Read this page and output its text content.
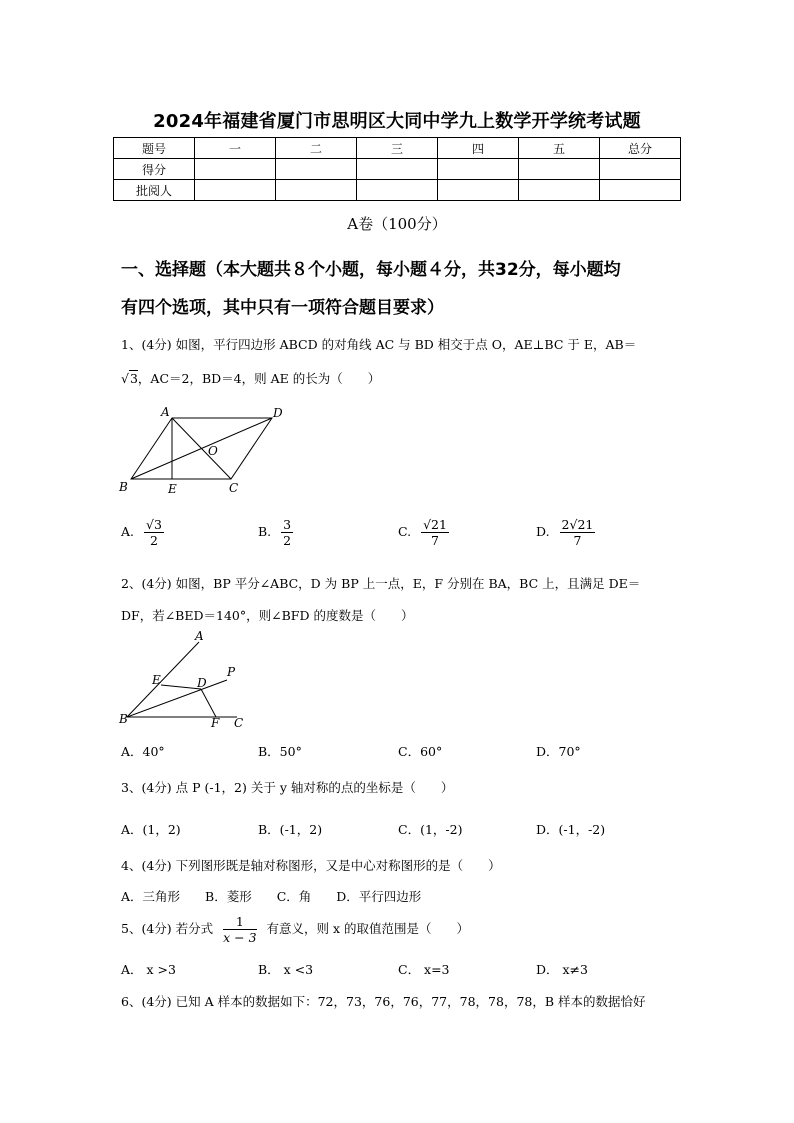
2024年福建省厦门市思明区大同中学九上数学开学统考试题
题号	一	二	三	四	五	总分
得分						
批阅人						
A卷（100分）
一、选择题（本大题共８个小题，每小题４分，共32分，每小题均
有四个选项，其中只有一项符合题目要求）
1、(4分) 如图，平行四边形 ABCD 的对角线 AC 与 BD 相交于点 O，AE⊥BC 于 E，AB＝
√3，AC＝2，BD＝4，则 AE 的长为（　　）
A	D
O
B	E	C
A. $\frac{√3}{2}$	B. $\frac{3}{2}$	C. $\frac{√21}{7}$	D. $\frac{2√21}{7}$
2、(4分) 如图，BP 平分∠ABC，D 为 BP 上一点，E，F 分别在 BA，BC 上，且满足 DE＝
DF，若∠BED＝140°，则∠BFD 的度数是（　　）
A
E	D
P
B	F C
A．40°	B．50°	C．60°	D．70°
3、(4分) 点 P (-1，2) 关于 y 轴对称的点的坐标是（　　）
A．(1，2)	B．(-1，2)	C．(1，-2)	D．(-1，-2)
4、(4分) 下列图形既是轴对称图形，又是中心对称图形的是（　　）
A．三角形　　B．菱形　　C．角　　D．平行四边形
5、(4分) 若分式 $\frac{1}{x - 3}$ 有意义，则 x 的取值范围是（　　）
A． x >3	B． x <3	C． x=3	D． x≠3
6、(4分) 已知 A 样本的数据如下：72，73，76，76，77，78，78，78，B 样本的数据恰好
